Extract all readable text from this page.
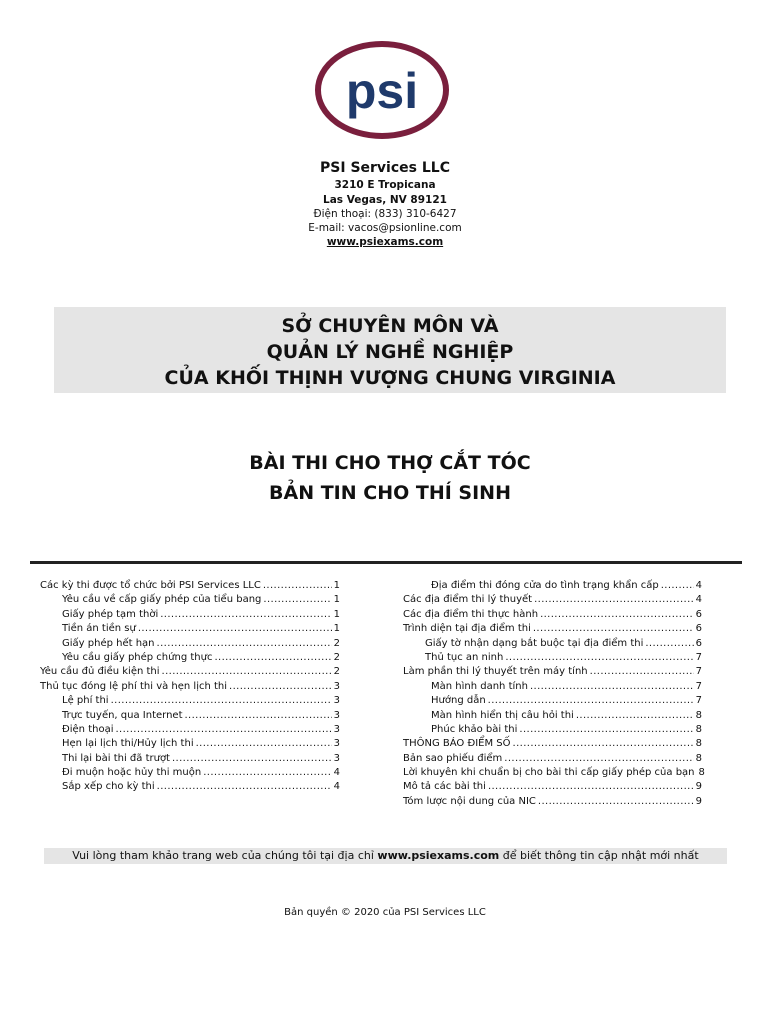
psi
PSI Services LLC
3210 E Tropicana
Las Vegas, NV 89121
Điện thoại: (833) 310-6427
E-mail: vacos@psionline.com
www.psiexams.com
SỞ CHUYÊN MÔN VÀ
QUẢN LÝ NGHỀ NGHIỆP
CỦA KHỐI THỊNH VƯỢNG CHUNG VIRGINIA
BÀI THI CHO THỢ CẮT TÓC
BẢN TIN CHO THÍ SINH
Các kỳ thi được tổ chức bởi PSI Services LLC . . .	1
Yêu cầu về cấp giấy phép của tiểu bang . . .	1
Giấy phép tạm thời . . .	1
Tiền án tiền sự . . .	1
Giấy phép hết hạn . . .	2
Yêu cầu giấy phép chứng thực . . .	2
Yêu cầu đủ điều kiện thi . . .	2
Thủ tục đóng lệ phí thi và hẹn lịch thi . . .	3
Lệ phí thi . . .	3
Trực tuyến, qua Internet . . .	3
Điện thoại . . .	3
Hẹn lại lịch thi/Hủy lịch thi . . .	3
Thi lại bài thi đã trượt . . .	3
Đi muộn hoặc hủy thi muộn . . .	4
Sắp xếp cho kỳ thi . . .	4
Địa điểm thi đóng cửa do tình trạng khẩn cấp . . .	4
Các địa điểm thi lý thuyết . . .	4
Các địa điểm thi thực hành . . .	6
Trình diện tại địa điểm thi . . .	6
Giấy tờ nhận dạng bắt buộc tại địa điểm thi . . .	6
Thủ tục an ninh . . .	7
Làm phần thi lý thuyết trên máy tính . . .	7
Màn hình danh tính . . .	7
Hướng dẫn . . .	7
Màn hình hiển thị câu hỏi thi . . .	8
Phúc khảo bài thi . . .	8
THÔNG BÁO ĐIỂM SỐ . . .	8
Bản sao phiếu điểm . . .	8
Lời khuyên khi chuẩn bị cho bài thi cấp giấy phép của bạn 8
Mô tả các bài thi . . .	9
Tóm lược nội dung của NIC . . .	9
Vui lòng tham khảo trang web của chúng tôi tại địa chỉ www.psiexams.com để biết thông tin cập nhật mới nhất
Bản quyền © 2020 của PSI Services LLC
